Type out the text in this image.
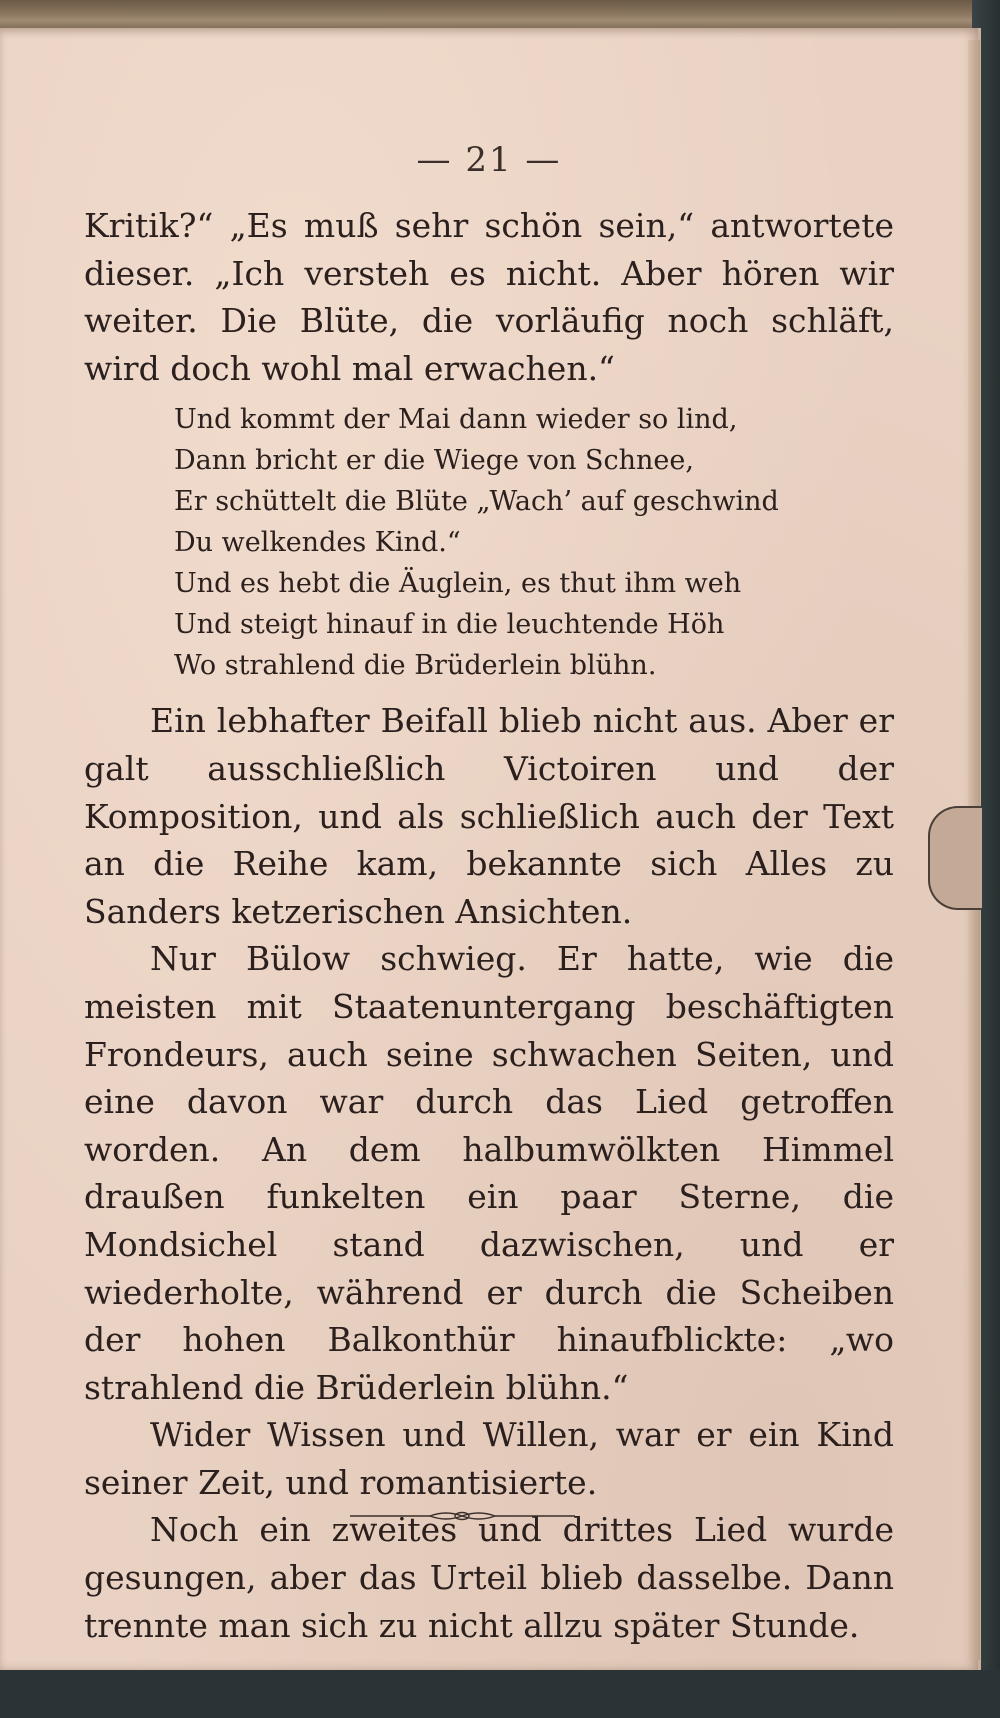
— 21 —

Kritik?“ „Es muß sehr schön sein,“ antwortete dieser. „Ich versteh es nicht. Aber hören wir weiter. Die Blüte, die vorläufig noch schläft, wird doch wohl mal erwachen.“

Und kommt der Mai dann wieder so lind,
Dann bricht er die Wiege von Schnee,
Er schüttelt die Blüte „Wach’ auf geschwind
Du welkendes Kind.“
Und es hebt die Äuglein, es thut ihm weh
Und steigt hinauf in die leuchtende Höh
Wo strahlend die Brüderlein blühn.

Ein lebhafter Beifall blieb nicht aus. Aber er galt ausschließlich Victoiren und der Komposition, und als schließlich auch der Text an die Reihe kam, bekannte sich Alles zu Sanders ketzerischen Ansichten.

Nur Bülow schwieg. Er hatte, wie die meisten mit Staatenuntergang beschäftigten Frondeurs, auch seine schwachen Seiten, und eine davon war durch das Lied getroffen worden. An dem halbumwölkten Himmel draußen funkelten ein paar Sterne, die Mondsichel stand dazwischen, und er wiederholte, während er durch die Scheiben der hohen Balkonthür hinaufblickte: „wo strahlend die Brüderlein blühn.“

Wider Wissen und Willen, war er ein Kind seiner Zeit, und romantisierte.

Noch ein zweites und drittes Lied wurde gesungen, aber das Urteil blieb dasselbe. Dann trennte man sich zu nicht allzu später Stunde.
